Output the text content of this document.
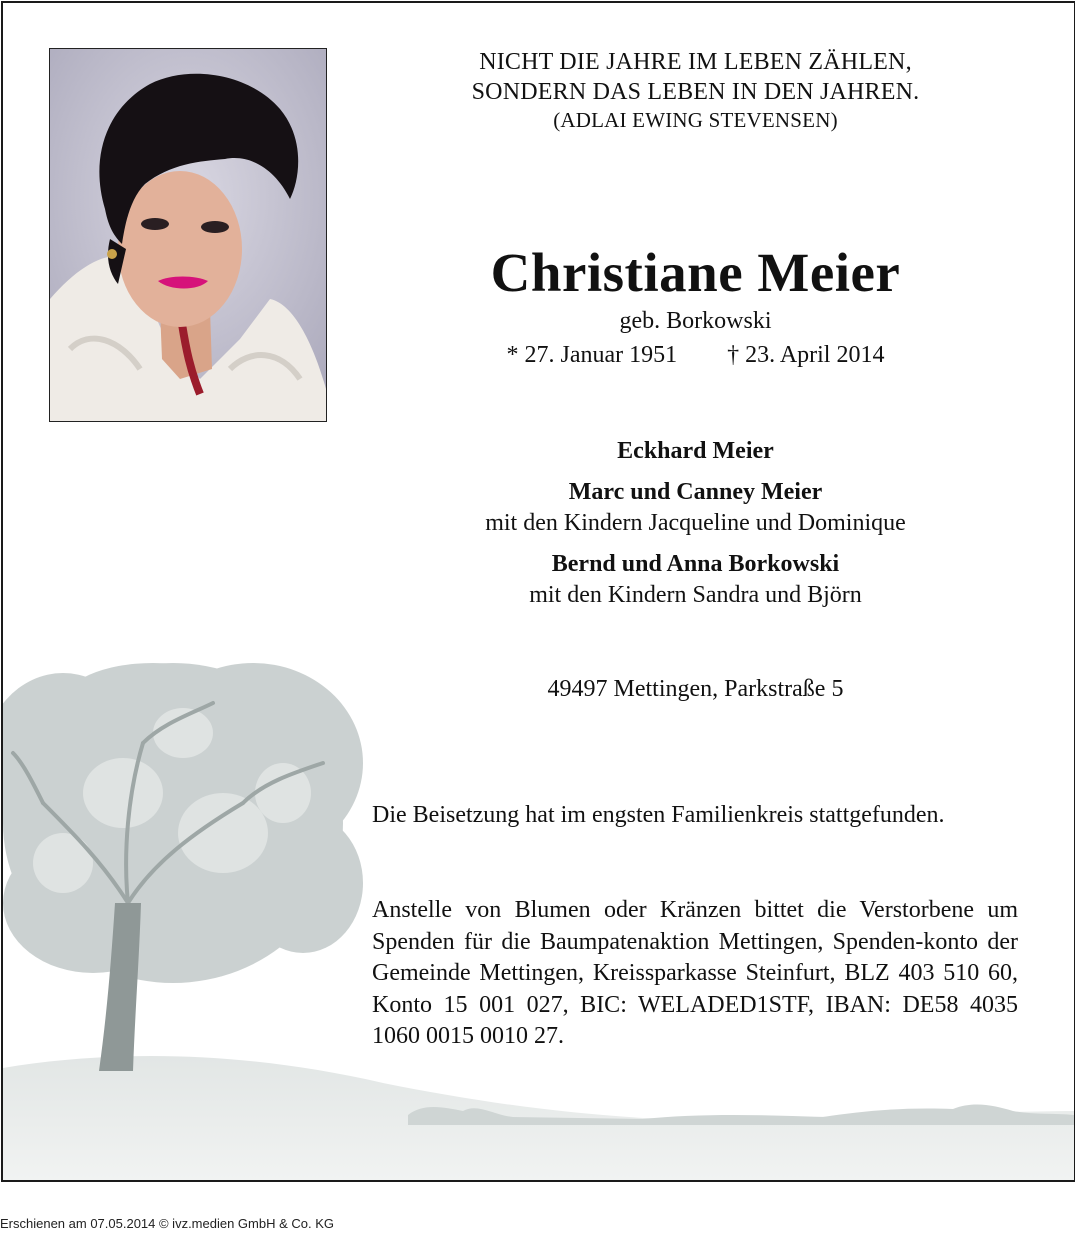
NICHT DIE JAHRE IM LEBEN ZÄHLEN,
SONDERN DAS LEBEN IN DEN JAHREN.
(ADLAI EWING STEVENSEN)
Christiane Meier
geb. Borkowski
* 27. Januar 1951 † 23. April 2014
Eckhard Meier
Marc und Canney Meier
mit den Kindern Jacqueline und Dominique
Bernd und Anna Borkowski
mit den Kindern Sandra und Björn
49497 Mettingen, Parkstraße 5
Die Beisetzung hat im engsten Familienkreis stattgefunden.
Anstelle von Blumen oder Kränzen bittet die Verstorbene um Spenden für die Baumpatenaktion Mettingen, Spenden-konto der Gemeinde Mettingen, Kreissparkasse Steinfurt, BLZ 403 510 60, Konto 15 001 027, BIC: WELADED1STF, IBAN: DE58 4035 1060 0015 0010 27.
Erschienen am 07.05.2014 © ivz.medien GmbH & Co. KG
